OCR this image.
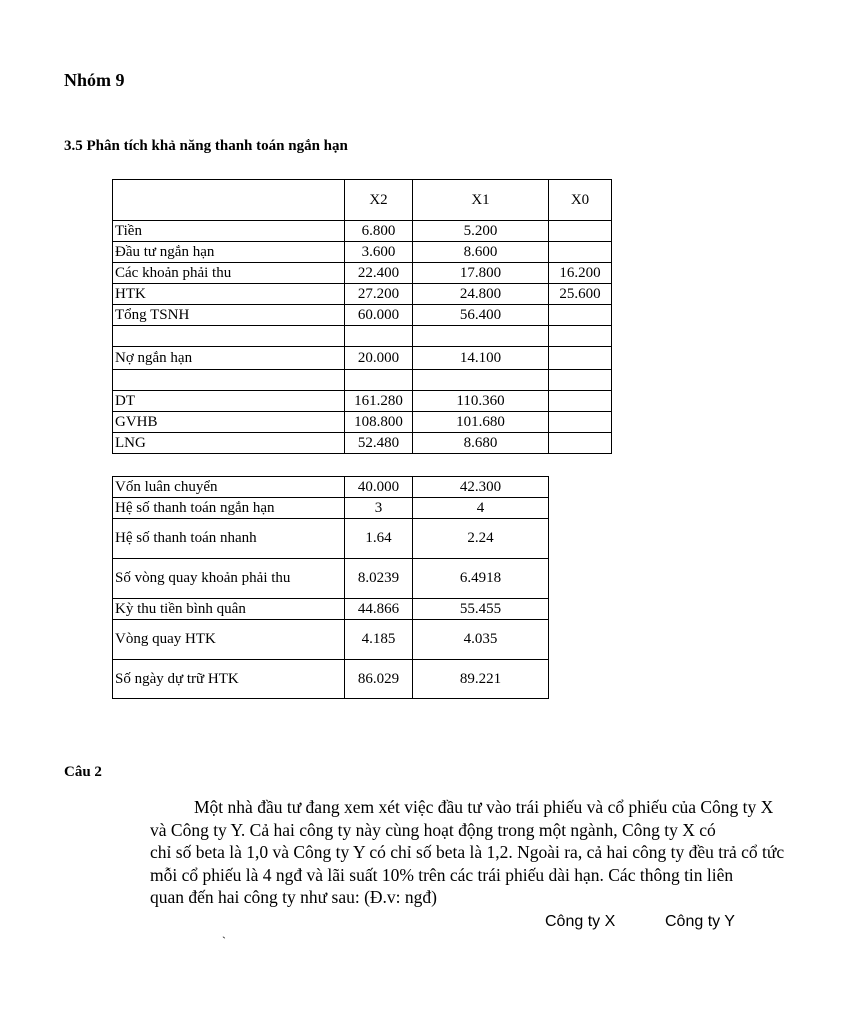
Nhóm 9
3.5 Phân tích khả năng thanh toán ngắn hạn
	X2	X1	X0
Tiền	6.800	5.200	
Đầu tư ngắn hạn	3.600	8.600	
Các khoản phải thu	22.400	17.800	16.200
HTK	27.200	24.800	25.600
Tổng TSNH	60.000	56.400	

Nợ ngắn hạn	20.000	14.100	

DT	161.280	110.360	
GVHB	108.800	101.680	
LNG	52.480	8.680	
Vốn luân chuyển	40.000	42.300
Hệ số thanh toán ngắn hạn	3	4
Hệ số thanh toán nhanh	1.64	2.24
Số vòng quay khoản phải thu	8.0239	6.4918
Kỳ thu tiền bình quân	44.866	55.455
Vòng quay HTK	4.185	4.035
Số ngày dự trữ HTK	86.029	89.221
Câu 2
Một nhà đầu tư đang xem xét việc đầu tư vào trái phiếu và cổ phiếu của Công ty X
và Công ty Y. Cả hai công ty này cùng hoạt động trong một ngành, Công ty X có
chỉ số beta là 1,0 và Công ty Y có chỉ số beta là 1,2. Ngoài ra, cả hai công ty đều trả cổ tức
mỗi cổ phiếu là 4 ngđ và lãi suất 10% trên các trái phiếu dài hạn. Các thông tin liên
quan đến hai công ty như sau: (Đ.v: ngđ)
Công ty X	Công ty Y
`
